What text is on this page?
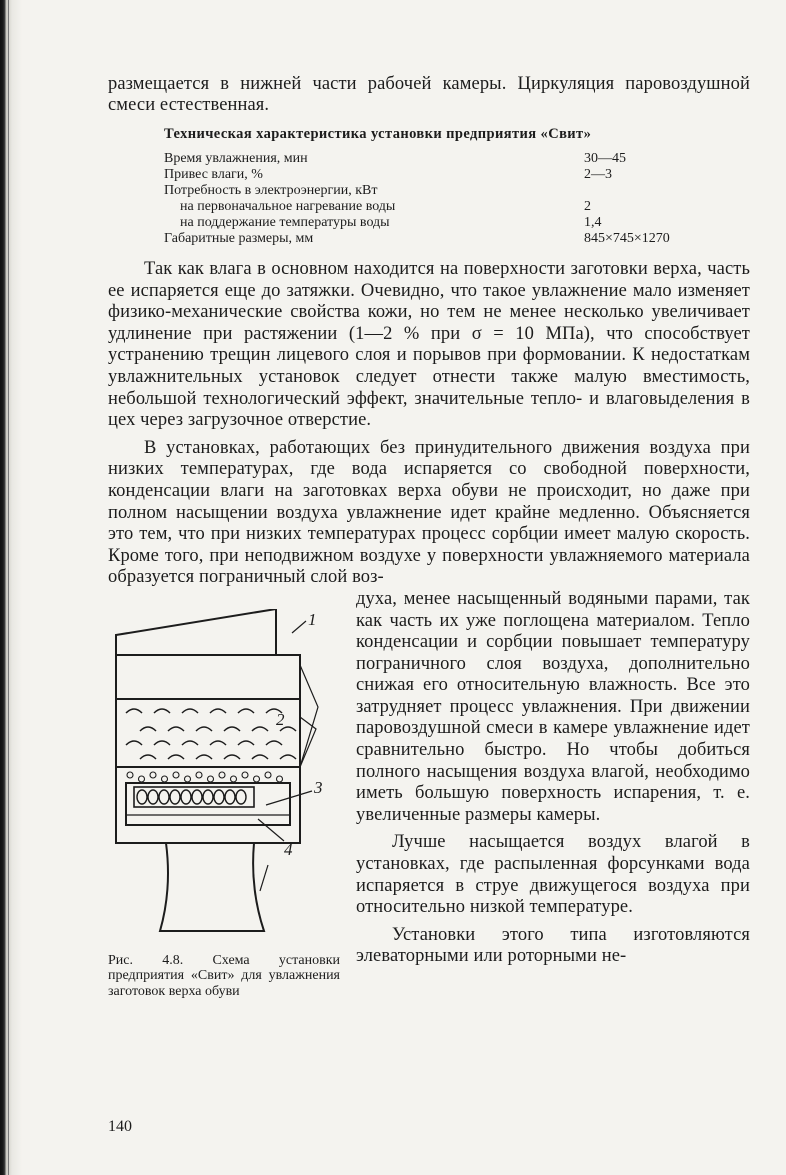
размещается в нижней части рабочей камеры. Циркуляция паровоздушной смеси естественная.

Техническая характеристика установки предприятия «Свит»
Время увлажнения, мин	30—45
Привес влаги, %	2—3
Потребность в электроэнергии, кВт	
на первоначальное нагревание воды	2
на поддержание температуры воды	1,4
Габаритные размеры, мм	845×745×1270

Так как влага в основном находится на поверхности заготовки верха, часть ее испаряется еще до затяжки. Очевидно, что такое увлажнение мало изменяет физико-механические свойства кожи, но тем не менее несколько увеличивает удлинение при растяжении (1—2 % при σ = 10 МПа), что способствует устранению трещин лицевого слоя и порывов при формовании. К недостаткам увлажнительных установок следует отнести также малую вместимость, небольшой технологический эффект, значительные тепло- и влаговыделения в цех через загрузочное отверстие.

В установках, работающих без принудительного движения воздуха при низких температурах, где вода испаряется со свободной поверхности, конденсации влаги на заготовках верха обуви не происходит, но даже при полном насыщении воздуха увлажнение идет крайне медленно. Объясняется это тем, что при низких температурах процесс сорбции имеет малую скорость. Кроме того, при неподвижном воздухе у поверхности увлажняемого материала образуется пограничный слой воз-

1
2
3
4
Рис. 4.8. Схема установки предприятия «Свит» для увлажнения заготовок верха обуви

духа, менее насыщенный водяными парами, так как часть их уже поглощена материалом. Тепло конденсации и сорбции повышает температуру пограничного слоя воздуха, дополнительно снижая его относительную влажность. Все это затрудняет процесс увлажнения. При движении паровоздушной смеси в камере увлажнение идет сравнительно быстро. Но чтобы добиться полного насыщения воздуха влагой, необходимо иметь большую поверхность испарения, т. е. увеличенные размеры камеры.

Лучше насыщается воздух влагой в установках, где распыленная форсунками вода испаряется в струе движущегося воздуха при относительно низкой температуре.

Установки этого типа изготовляются элеваторными или роторными не-

140
